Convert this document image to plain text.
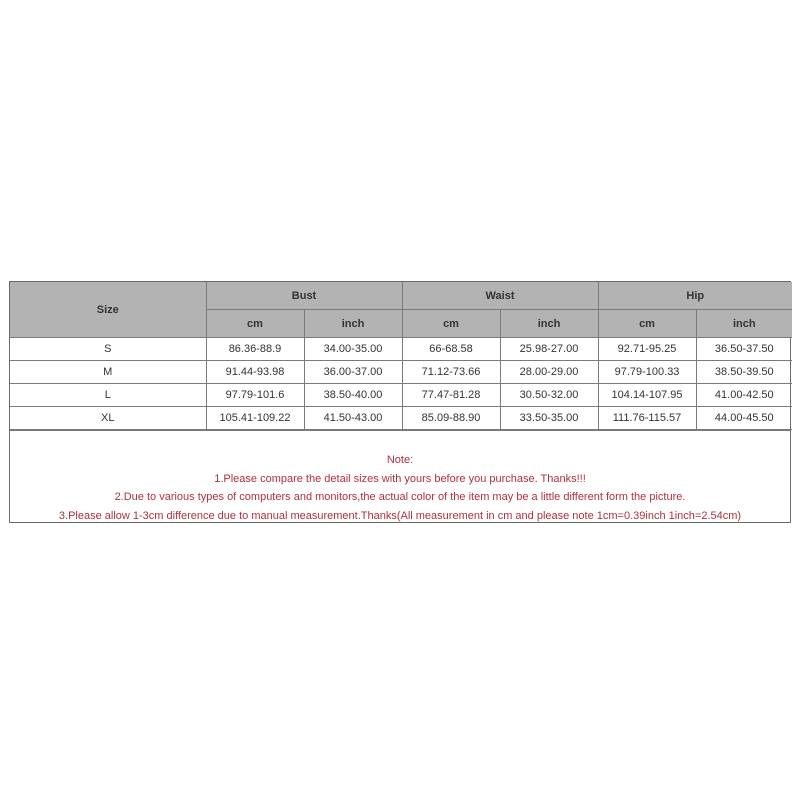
Size	Bust		Waist		Hip	
	cm	inch	cm	inch	cm	inch
S	86.36-88.9	34.00-35.00	66-68.58	25.98-27.00	92.71-95.25	36.50-37.50
M	91.44-93.98	36.00-37.00	71.12-73.66	28.00-29.00	97.79-100.33	38.50-39.50
L	97.79-101.6	38.50-40.00	77.47-81.28	30.50-32.00	104.14-107.95	41.00-42.50
XL	105.41-109.22	41.50-43.00	85.09-88.90	33.50-35.00	111.76-115.57	44.00-45.50
Note:
1.Please compare the detail sizes with yours before you purchase. Thanks!!!
2.Due to various types of computers and monitors,the actual color of the item may be a little different form the picture.
3.Please allow 1-3cm difference due to manual measurement.Thanks(All measurement in cm and please note 1cm=0.39inch 1inch=2.54cm)
